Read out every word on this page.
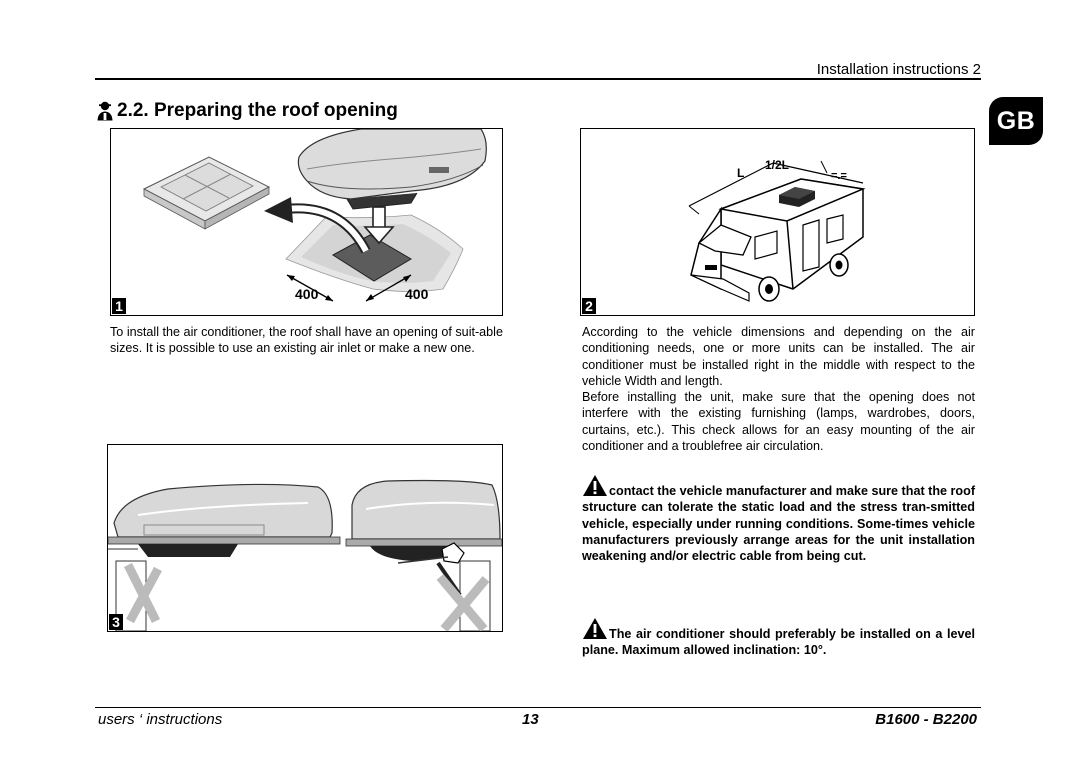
Installation instructions 2
GB
2.2. Preparing the roof opening
400	400
1
L
1/2L
=.=
2
3
To install the air conditioner, the roof shall have an opening of suit-able sizes. It is possible to use an existing air inlet or make a new one.
According to the vehicle dimensions and depending on the air conditioning needs, one or more units can be installed. The air conditioner must be installed right in the middle with respect to the vehicle Width and length.
Before installing the unit, make sure that the opening does not interfere with the existing furnishing (lamps, wardrobes, doors, curtains, etc.). This check allows for an easy mounting of the air conditioner and a troublefree air circulation.
contact the vehicle manufacturer and make sure that the roof structure can tolerate the static load and the stress tran-smitted vehicle, especially under running conditions. Some-times vehicle manufacturers previously arrange areas for the unit installation weakening and/or electric cable from being cut.
The air conditioner should preferably be installed on a level plane. Maximum allowed inclination: 10°.
users ‘ instructions	13	B1600 - B2200
